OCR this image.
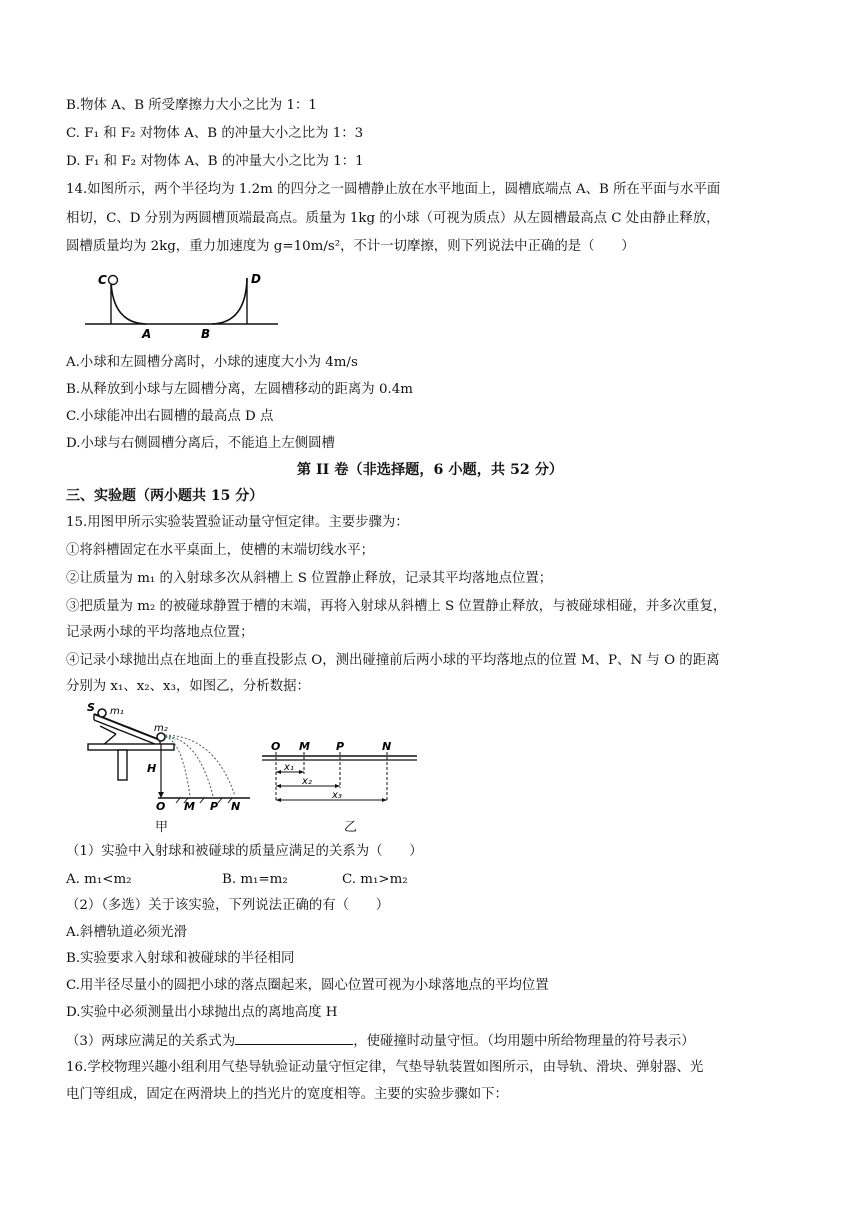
B.物体 A、B 所受摩擦力大小之比为 1：1
C. F₁ 和 F₂ 对物体 A、B 的冲量大小之比为 1：3
D. F₁ 和 F₂ 对物体 A、B 的冲量大小之比为 1：1
14.如图所示，两个半径均为 1.2m 的四分之一圆槽静止放在水平地面上，圆槽底端点 A、B 所在平面与水平面
相切，C、D 分别为两圆槽顶端最高点。质量为 1kg 的小球（可视为质点）从左圆槽最高点 C 处由静止释放，
圆槽质量均为 2kg，重力加速度为 g=10m/s²，不计一切摩擦，则下列说法中正确的是（　　）
C	D
A	B
A.小球和左圆槽分离时，小球的速度大小为 4m/s
B.从释放到小球与左圆槽分离，左圆槽移动的距离为 0.4m
C.小球能冲出右圆槽的最高点 D 点
D.小球与右侧圆槽分离后，不能追上左侧圆槽
第 II 卷（非选择题，6 小题，共 52 分）
三、实验题（两小题共 15 分）
15.用图甲所示实验装置验证动量守恒定律。主要步骤为：
①将斜槽固定在水平桌面上，使槽的末端切线水平；
②让质量为 m₁ 的入射球多次从斜槽上 S 位置静止释放，记录其平均落地点位置；
③把质量为 m₂ 的被碰球静置于槽的末端，再将入射球从斜槽上 S 位置静止释放，与被碰球相碰，并多次重复，
记录两小球的平均落地点位置；
④记录小球抛出点在地面上的垂直投影点 O，测出碰撞前后两小球的平均落地点的位置 M、P、N 与 O 的距离
分别为 x₁、x₂、x₃，如图乙，分析数据：
S m₁
m₂
H
O M P N
O M P	N
x₁
x₂
x₃
甲	乙
（1）实验中入射球和被碰球的质量应满足的关系为（　　）
A. m₁<m₂	B. m₁=m₂	C. m₁>m₂
（2）（多选）关于该实验，下列说法正确的有（　　）
A.斜槽轨道必须光滑
B.实验要求入射球和被碰球的半径相同
C.用半径尽量小的圆把小球的落点圈起来，圆心位置可视为小球落地点的平均位置
D.实验中必须测量出小球抛出点的离地高度 H
（3）两球应满足的关系式为	，使碰撞时动量守恒。（均用题中所给物理量的符号表示）
16.学校物理兴趣小组利用气垫导轨验证动量守恒定律，气垫导轨装置如图所示，由导轨、滑块、弹射器、光
电门等组成，固定在两滑块上的挡光片的宽度相等。主要的实验步骤如下：
